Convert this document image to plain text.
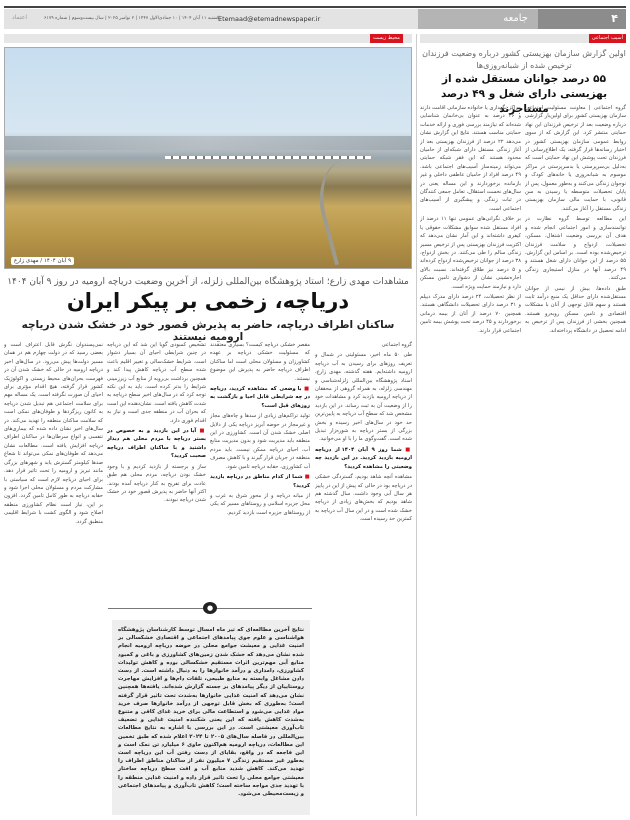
۴
جامعه
Etemaad@etemadnewspaper.ir
یکشنبه ۱۱ آبان ۱۴۰۴ | ۱۰ جمادی‌الاول ۱۴۴۷ | ۲ نوامبر ۲۰۲۵ | سال بیست‌وسوم | شماره ۶۱۷۹
اعتماد
محیط زیست	آسیب اجتماعی
۹ آبان ۱۴۰۴ / مهدی زارع
مشاهدات مهدی زارع؛ استاد پژوهشگاه بین‌المللی زلزله، از آخرین وضعیت دریاچه ارومیه در روز ۹ آبان ۱۴۰۴
دریاچه، زخمی بر پیکر ایران
ساکنان اطراف دریاچه، حاضر به پذیرش قصور خود در خشک شدن دریاچه ارومیه نیستند

گروه اجتماعی

طی ۵۰ ماه اخیر، مسئولیتی در شمال و تعریف روزهای برای رسیدن به آب دریاچه ارومیه داشته‌ایم. هفته گذشته، مهدی زارع، استاد پژوهشگاه بین‌المللی زلزله‌شناسی و مهندسی زلزله، به همراه گروهی از محققان از دریاچه ارومیه بازدید کرد و مشاهدات خود را از وضعیت آن به ثبت رساند. در این بازدید مشخص شد که سطح آب دریاچه به پایین‌ترین حد خود در سال‌های اخیر رسیده و بخش بزرگی از بستر دریاچه به شوره‌زار تبدیل شده است. گفت‌وگوی ما را با او می‌خوانید.

■ شما روز ۹ آبان ۱۴۰۴ از دریاچه ارومیه بازدید کردید. در این بازدید چه وضعیتی را مشاهده کردید؟

مشاهده آنچه شاهد بودیم، گستردگی خشکی در دریاچه بود در حالی که پیش از این در پاییز هر سال آبی وجود داشت. سال گذشته هم شاهد بودیم که بخش‌های زیادی از دریاچه خشک شده است و در این سال آب دریاچه به کمترین حد رسیده است.

مقصر خشکی دریاچه کیست؟ بسیاری معتقدند که مسئولیت خشکی دریاچه بر عهده کشاورزان و مسئولان محلی است اما ساکنان اطراف دریاچه حاضر به پذیرش این موضوع نیستند.

■ با وضعی که مشاهده کردید، دریاچه در چه شرایطی قابل احیا و بازگشت به روزهای قبل است؟

تولید تراکم‌های زیادی از سدها و چاه‌های مجاز و غیرمجاز در حوضه آبریز دریاچه یکی از دلایل اصلی خشک شدن آن است. کشاورزی در این منطقه باید مدیریت شود و بدون مدیریت منابع آب، احیای دریاچه ممکن نیست. باید مردم منطقه در جریان قرار گیرند و با کاهش مصرف آب کشاورزی، حقابه دریاچه تامین شود.

■ شما از کدام مناطق در دریاچه بازدید کردید؟

از میانه دریاچه و از محور شرق به غرب و محل جزیره اسلامی و روستاهای مسیر که یکی از روستاهای جزیره است بازدید کردیم.

تشخیص کمبودی گویا این شد که این دریاچه در چنین شرایطی احیای آن بسیار دشوار است. شرایط خشک‌سالی و تغییر اقلیم باعث شده سطح آب دریاچه کاهش پیدا کند و همچنین برداشت بی‌رویه از منابع آب زیرزمینی شرایط را بدتر کرده است. باید به این نکته توجه کرد که در سال‌های اخیر سطح دریاچه به شدت کاهش یافته است. نشان‌دهنده این است که بحران آب در منطقه جدی است و نیاز به اقدام فوری دارد.

■ آیا در این بازدید و به خصوص در بستر دریاچه با مردم محلی هم دیدار داشتید و با ساکنان اطراف دریاچه صحبت کردید؟

ساز و برجسته از بازدید کردیم و با وجود خشک بودن دریاچه، مردم محلی هم طبق عادت برای تفریح به کنار دریاچه آمده بودند. اکثر آنها حاضر به پذیرش قصور خود در خشک شدن دریاچه نبودند.

نمی‌پسندوان نگرش قابل اعتراف است و بعضی رسید که در دولت چهارم هم در همان مسیر دولت‌ها پیش می‌رود. در سال‌های اخیر دریاچه ارومیه در حالی که خشک شدن آن در فهرست بحران‌های محیط زیستی و اکولوژیک کشور قرار گرفته، هیچ اقدام مؤثری برای احیای آن صورت نگرفته است. یک مساله مهم برای سلامت اجتماعی هم تبدیل شدن دریاچه به کانون ریزگردها و طوفان‌های نمکی است که سلامت ساکنان منطقه را تهدید می‌کند. در سال‌های اخیر نشان داده شده که بیماری‌های تنفسی و انواع سرطان‌ها در ساکنان اطراف دریاچه افزایش یافته است. مطالعات نشان می‌دهد که طوفان‌های نمکی می‌تواند تا شعاع صدها کیلومتر گسترش یابد و شهرهای بزرگی مانند تبریز و ارومیه را تحت تاثیر قرار دهد. برای احیای دریاچه لازم است که سیاستی با مشارکت مردم و مسئولان محلی اجرا شود و حقابه دریاچه به طور کامل تامین گردد. افزون بر این، نیاز است نظام کشاورزی منطقه اصلاح شود و الگوی کشت با شرایط اقلیمی منطبق گردد.

●
نتایج آخرین مطالعه‌ای که تیر ماه امسال توسط کارشناسان پژوهشگاه هواشناسی و علوم جوی پیامدهای اجتماعی و اقتصادی خشکسالی بر امنیت غذایی و معیشت جوامع محلی در حوضه دریاچه ارومیه انجام شده نشان می‌دهد که خشک شدن زمین‌های کشاورزی و باغی و کمبود منابع آبی مهم‌ترین اثرات مستقیم خشکسالی بوده و کاهش تولیدات کشاورزی، دامداری و درآمد خانوارها را به دنبال داشته است. از دست دادن مشاغل وابسته به منابع طبیعی، تلفات دام‌ها و افزایش مهاجرت روستاییان از دیگر پیامدهای بر جسته گزارش شده‌اند. یافته‌ها همچنین نشان می‌دهد که امنیت غذایی خانوارها به‌شدت تحت تاثیر قرار گرفته است؛ به‌طوری که بخش قابل توجهی از درآمد خانوارها صرف خرید مواد غذایی می‌شود و استطاعت مالی برای خرید غذای کافی و متنوع به‌شدت کاهش یافته که این یعنی شکننده امنیت غذایی و تضعیف تاب‌آوری معیشتی است. در این بررسی با اشاره به نتایج مطالعات بین‌المللی در فاصله سال‌های ۲۰۰۵ تا ۲۰۲۴ اعلام شده که طبق تخمین این مطالعات، دریاچه ارومیه هم‌اکنون حاوی ۶ میلیارد تن نمک است و این فاجعه که در واقع، بقایای از دست رفتن آب این دریاچه است به‌طور غیر مستقیم زندگی ۷ میلیون نفر از ساکنان مناطق اطراف را تهدید می‌کند. کاهش شدید منابع آب و افت سطح دریاچه ساختار معیشتی جوامع محلی را تحت تاثیر قرار داده و امنیت غذایی منطقه را با تهدید جدی مواجه ساخته است؛ کاهش تاب‌آوری و پیامدهای اجتماعی و زیست‌محیطی می‌شود.
اولین گزارش سازمان بهزیستی کشور درباره وضعیت فرزندان ترخیص شده از شبانه‌روزی‌ها
۵۵ درصد جوانان مستقل شده از بهزیستی دارای شغل و ۴۹ درصد مستاجرند

گروه اجتماعی | معاونت مسئولیت اجتماعی سازمان بهزیستی کشور برای اولین‌بار گزارشی درباره وضعیت بعد از ترخیص فرزندان این نهاد حمایتی منتشر کرد. این گزارش که از سوی روابط عمومی سازمان بهزیستی کشور در اختیار رسانه‌ها قرار گرفته، یک اطلاع‌رسانی از فرزندان تحت پوشش این نهاد حمایتی است که به‌دلیل بی‌سرپرستی یا بدسرپرستی در مراکز موسوم به شبانه‌روزی یا خانه‌های کودک و نوجوان زندگی می‌کنند و به‌طور معمول، پس از پایان تحصیلات متوسطه یا رسیدن به سن قانونی، با حمایت مالی سازمان بهزیستی زندگی مستقل را آغاز می‌کنند.

این مطالعه توسط گروه نظارت در توانمندسازی و امور اجتماعی انجام شده و هدف آن بررسی وضعیت اشتغال، مسکن، تحصیلات، ازدواج و سلامت فرزندان ترخیص‌شده بوده است. بر اساس این گزارش، ۵۵ درصد از این جوانان دارای شغل هستند و ۴۹ درصد آنها در منازل استیجاری زندگی می‌کنند.

طبق داده‌ها، بیش از نیمی از جوانان مستقل‌شده دارای حداقل یک منبع درآمد ثابت هستند و سهم قابل توجهی از آنان با مشکلات اقتصادی و تامین مسکن روبه‌رو هستند. همچنین بخشی از فرزندان پس از ترخیص به ادامه تحصیل در دانشگاه پرداخته‌اند.

مراکز نگهداری یا خانواده سازمانی اقامت دارند و ۳۶ درصد به عنوان بی‌خانمان شناسایی شده‌اند که نیازمند بررسی فوری و ارائه خدمات حمایتی مناسب هستند. نتایج این گزارش نشان می‌دهد ۲۲ درصد از فرزندان بهزیستی بعد از آغاز زندگی مستقل دارای شبکه‌ای از حامیان محدود هستند که این فقر شبکه حمایتی می‌تواند زمینه‌ساز آسیب‌های اجتماعی باشد. ۴۹ درصد افراد از حامیان عاطفی داخلی و غیر بازمانده برخوردارند و این مساله یعنی در سال‌های نخست استقلال، تعامل جمعی کنندگان در ثبات زندگی و پیشگیری از آسیب‌های اجتماعی است.

بر خلاف نگرانی‌های عمومی تنها ۱۱ درصد از افراد مستقل شده سوابق مشکلات حقوقی یا کیفری داشته‌اند و این آمار نشان می‌دهد که اکثریت فرزندان بهزیستی پس از ترخیص مسیر زندگی سالم را طی می‌کنند. در بخش ازدواج، ۳۸ درصد از جوانان ترخیص‌شده ازدواج کرده‌اند و ۵ درصد نیز طلاق گرفته‌اند. نسبت بالای اجاره‌نشینی نشان از دشواری تامین مسکن دارد و نیازمند حمایت ویژه است.

از نظر تحصیلات، ۲۴ درصد دارای مدرک دیپلم و ۳۱ درصد دارای تحصیلات دانشگاهی هستند. همچنین ۷۰ درصد از آنان از بیمه درمانی برخوردارند و ۴۵ درصد تحت پوشش بیمه تامین اجتماعی قرار دارند.
